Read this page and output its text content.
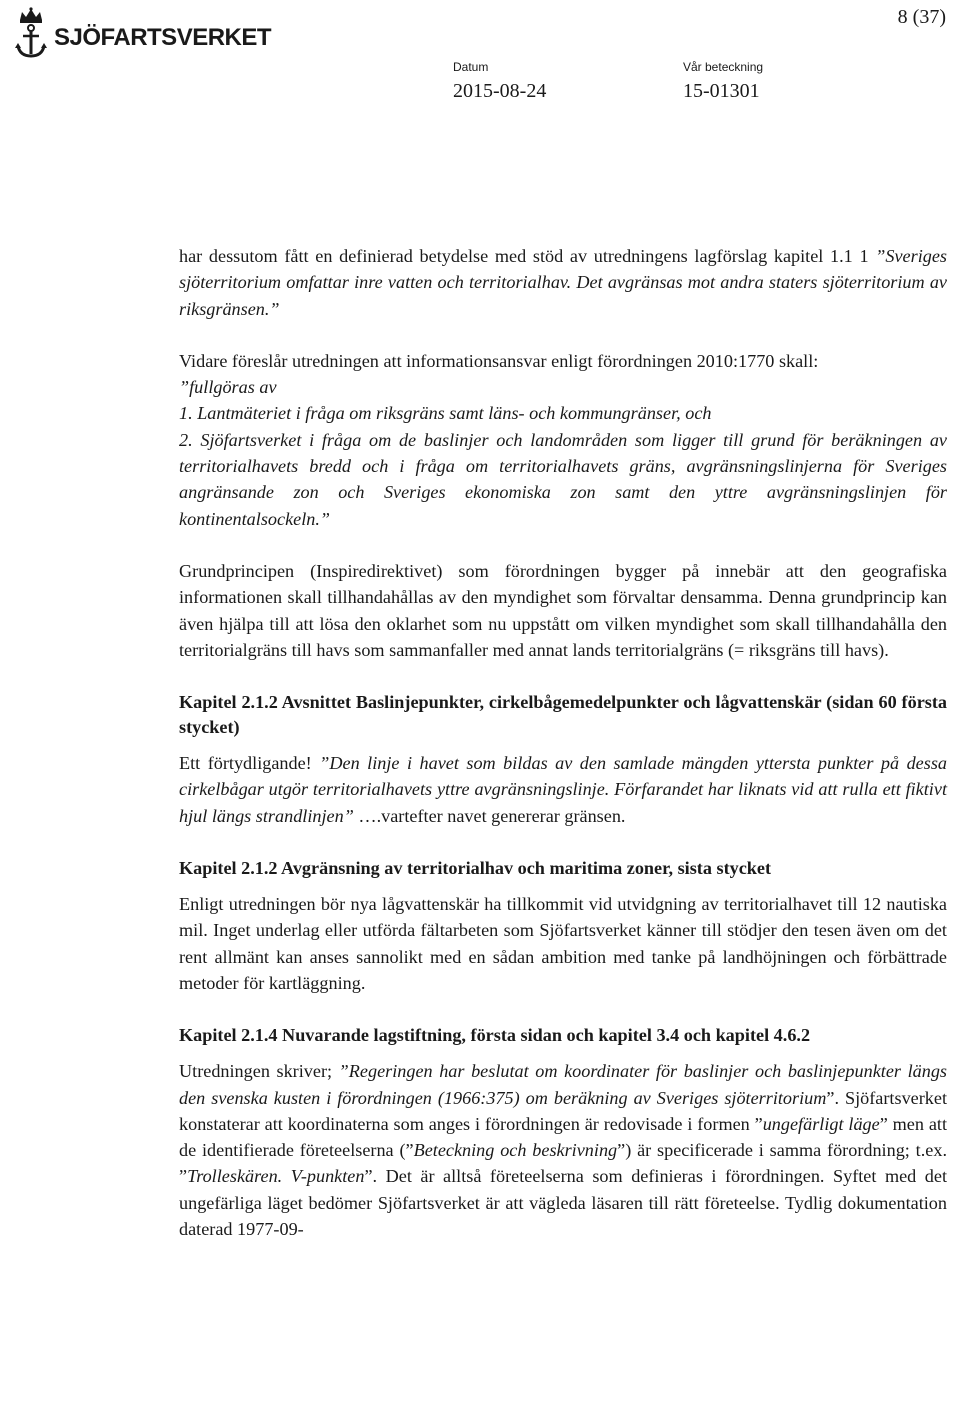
8 (37)
SJÖFARTSVERKET
Datum
2015-08-24
Vår beteckning
15-01301

har dessutom fått en definierad betydelse med stöd av utredningens lagförslag kapitel 1.1 1 ”Sveriges sjöterritorium omfattar inre vatten och territorialhav. Det avgränsas mot andra staters sjöterritorium av riksgränsen.”

Vidare föreslår utredningen att informationsansvar enligt förordningen 2010:1770 skall:

”fullgöras av

1. Lantmäteriet i fråga om riksgräns samt läns- och kommungränser, och

2. Sjöfartsverket i fråga om de baslinjer och landområden som ligger till grund för beräkningen av territorialhavets bredd och i fråga om territorialhavets gräns, avgränsningslinjerna för Sveriges angränsande zon och Sveriges ekonomiska zon samt den yttre avgränsningslinjen för kontinentalsockeln.”

Grundprincipen (Inspiredirektivet) som förordningen bygger på innebär att den geografiska informationen skall tillhandahållas av den myndighet som förvaltar densamma. Denna grundprincip kan även hjälpa till att lösa den oklarhet som nu uppstått om vilken myndighet som skall tillhandahålla den territorialgräns till havs som sammanfaller med annat lands territorialgräns (= riksgräns till havs).

Kapitel 2.1.2 Avsnittet Baslinjepunkter, cirkelbågemedelpunkter och lågvattenskär (sidan 60 första stycket)

Ett förtydligande! ”Den linje i havet som bildas av den samlade mängden yttersta punkter på dessa cirkelbågar utgör territorialhavets yttre avgränsningslinje. Förfarandet har liknats vid att rulla ett fiktivt hjul längs strandlinjen” ….vartefter navet genererar gränsen.

Kapitel 2.1.2 Avgränsning av territorialhav och maritima zoner, sista stycket

Enligt utredningen bör nya lågvattenskär ha tillkommit vid utvidgning av territorialhavet till 12 nautiska mil. Inget underlag eller utförda fältarbeten som Sjöfartsverket känner till stödjer den tesen även om det rent allmänt kan anses sannolikt med en sådan ambition med tanke på landhöjningen och förbättrade metoder för kartläggning.

Kapitel 2.1.4 Nuvarande lagstiftning, första sidan och kapitel 3.4 och kapitel 4.6.2

Utredningen skriver; ”Regeringen har beslutat om koordinater för baslinjer och baslinjepunkter längs den svenska kusten i förordningen (1966:375) om beräkning av Sveriges sjöterritorium”. Sjöfartsverket konstaterar att koordinaterna som anges i förordningen är redovisade i formen ”ungefärligt läge” men att de identifierade företeelserna (”Beteckning och beskrivning”) är specificerade i samma förordning; t.ex. ”Trolleskären. V-punkten”. Det är alltså företeelserna som definieras i förordningen. Syftet med det ungefärliga läget bedömer Sjöfartsverket är att vägleda läsaren till rätt företeelse. Tydlig dokumentation daterad 1977-09-
